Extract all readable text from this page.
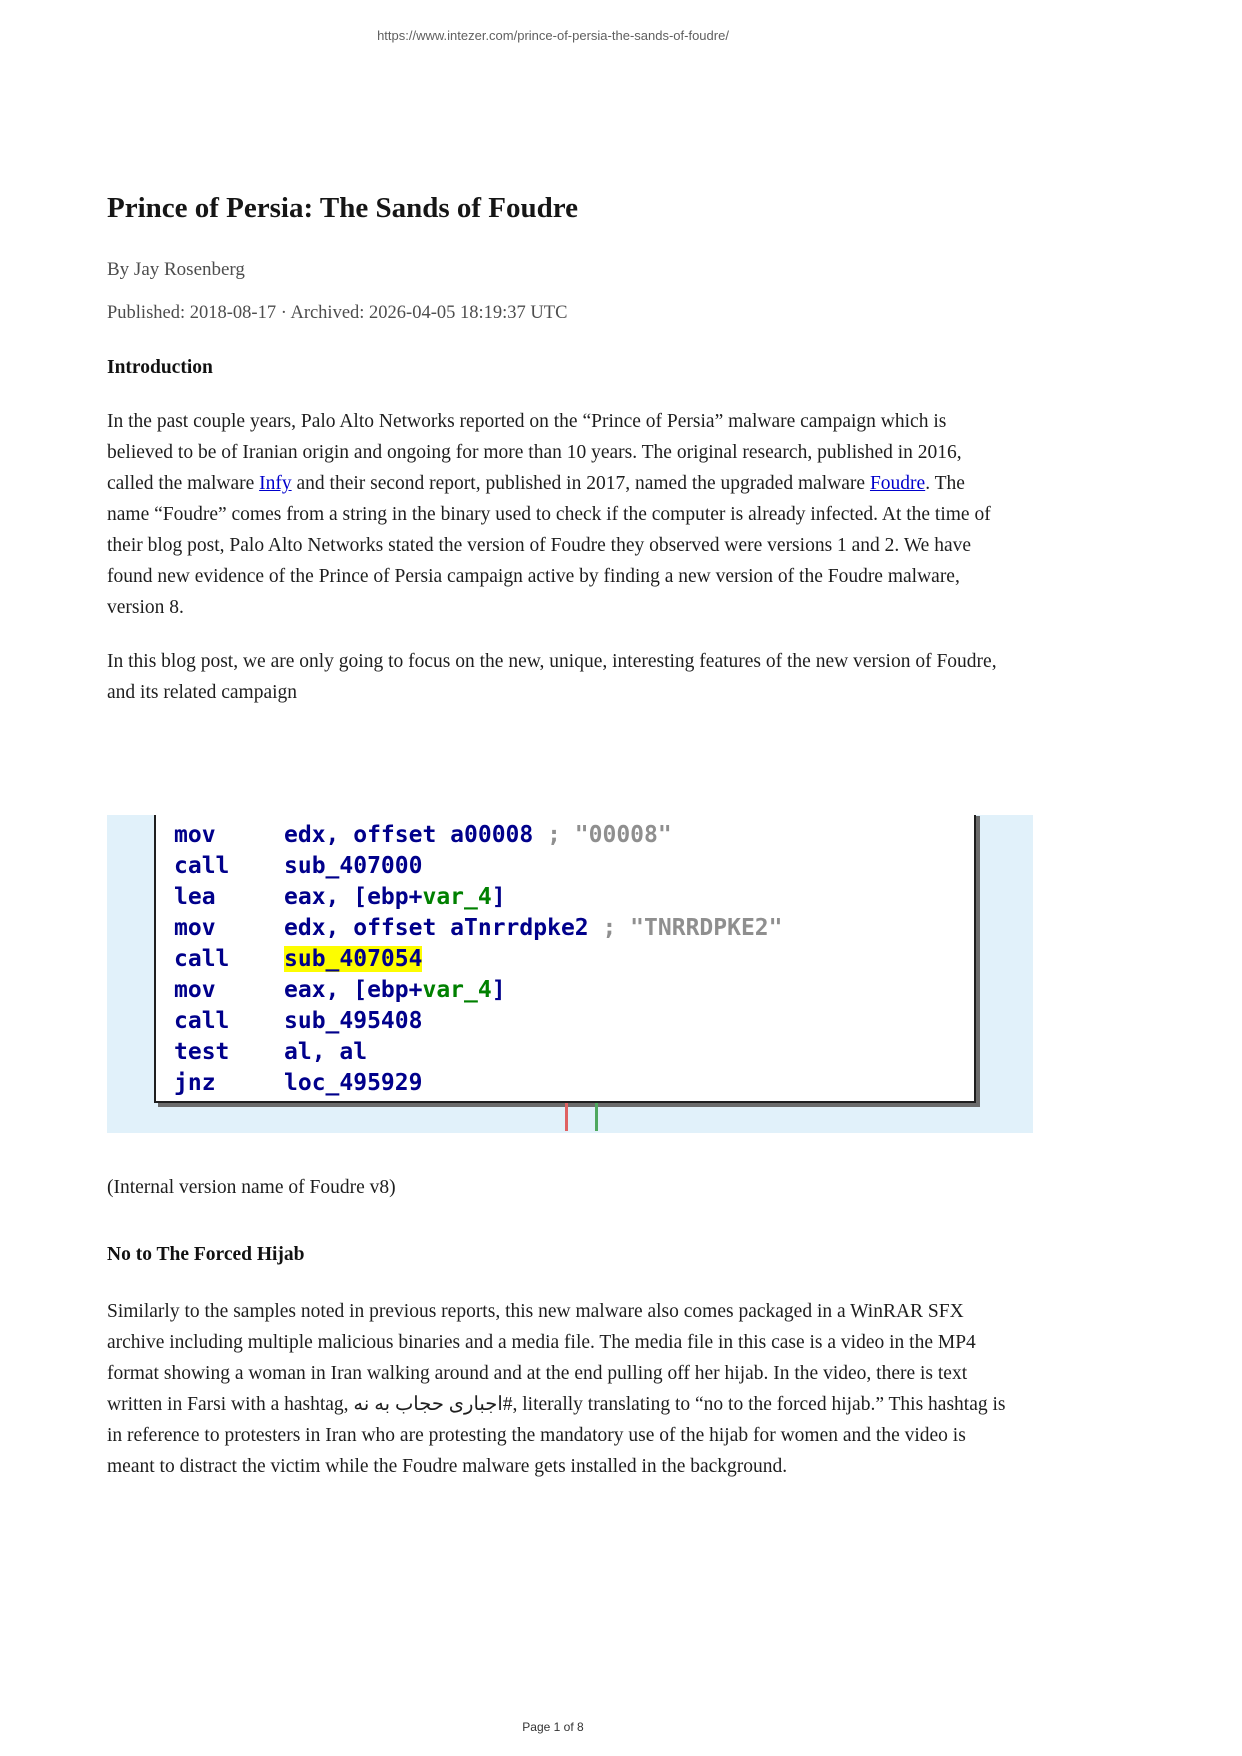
https://www.intezer.com/prince-of-persia-the-sands-of-foudre/
Prince of Persia: The Sands of Foudre
By Jay Rosenberg
Published: 2018-08-17 · Archived: 2026-04-05 18:19:37 UTC
Introduction

In the past couple years, Palo Alto Networks reported on the “Prince of Persia” malware campaign which is believed to be of Iranian origin and ongoing for more than 10 years. The original research, published in 2016, called the malware Infy and their second report, published in 2017, named the upgraded malware Foudre. The name “Foudre” comes from a string in the binary used to check if the computer is already infected. At the time of their blog post, Palo Alto Networks stated the version of Foudre they observed were versions 1 and 2. We have found new evidence of the Prince of Persia campaign active by finding a new version of the Foudre malware, version 8.

In this blog post, we are only going to focus on the new, unique, interesting features of the new version of Foudre, and its related campaign

mov	edx, offset a00008 ; "00008"
call sub_407000
lea	eax, [ebp+var_4]
mov	edx, offset aTnrrdpke2 ; "TNRRDPKE2"
call sub_407054
mov	eax, [ebp+var_4]
call sub_495408
test al, al
jnz	loc_495929

(Internal version name of Foudre v8)

No to The Forced Hijab

Similarly to the samples noted in previous reports, this new malware also comes packaged in a WinRAR SFX archive including multiple malicious binaries and a media file. The media file in this case is a video in the MP4 format showing a woman in Iran walking around and at the end pulling off her hijab. In the video, there is text written in Farsi with a hashtag, نه‎ به‎ حجاب‎ اجباری‎#, literally translating to “no to the forced hijab.” This hashtag is in reference to protesters in Iran who are protesting the mandatory use of the hijab for women and the video is meant to distract the victim while the Foudre malware gets installed in the background.

Page 1 of 8
